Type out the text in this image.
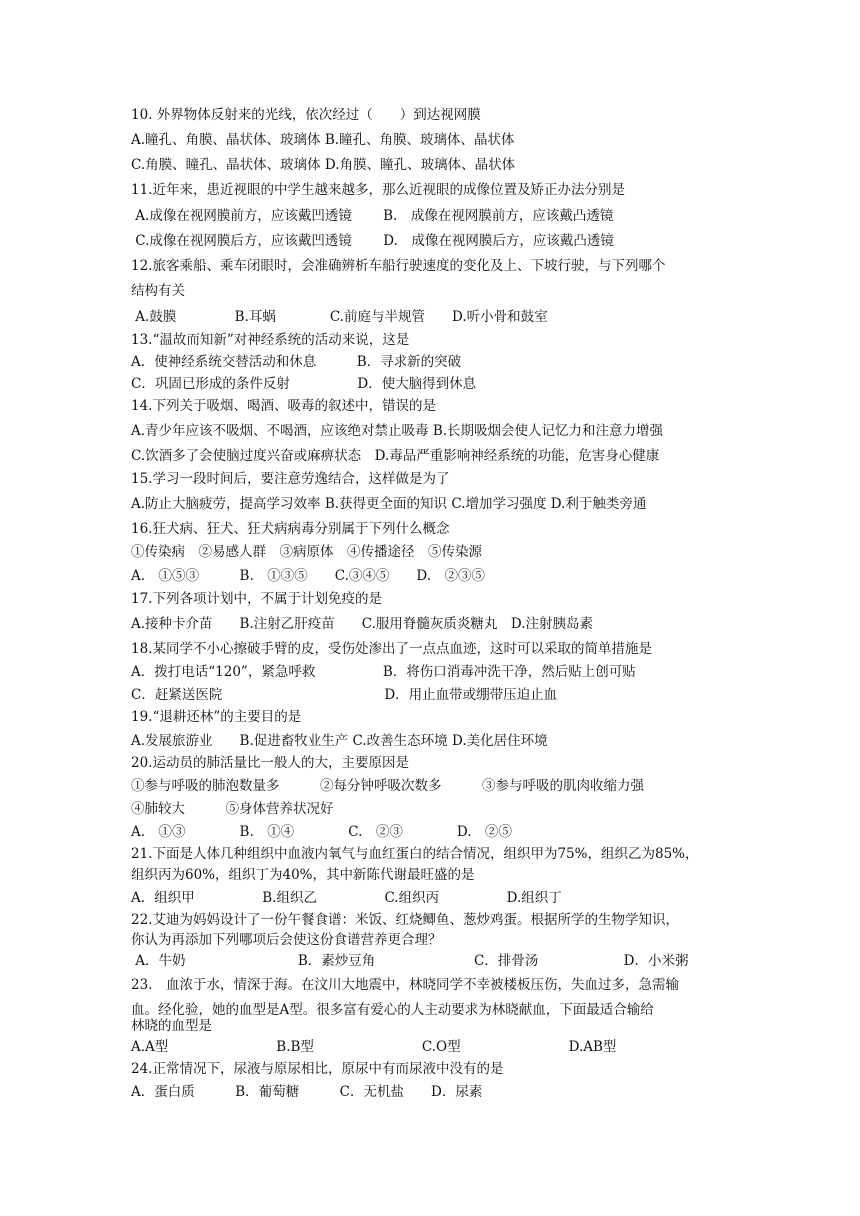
10. 外界物体反射来的光线，依次经过（　　）到达视网膜
A.瞳孔、角膜、晶状体、玻璃体 B.瞳孔、角膜、玻璃体、晶状体
C.角膜、瞳孔、晶状体、玻璃体 D.角膜、瞳孔、玻璃体、晶状体
11.近年来，患近视眼的中学生越来越多，那么近视眼的成像位置及矫正办法分别是
A.成像在视网膜前方，应该戴凹透镜　　 B.　成像在视网膜前方，应该戴凸透镜
C.成像在视网膜后方，应该戴凹透镜　　 D.　成像在视网膜后方，应该戴凸透镜
12.旅客乘船、乘车闭眼时，会准确辨析车船行驶速度的变化及上、下坡行驶，与下列哪个
结构有关
A.鼓膜　　　　 B.耳蜗　　　　C.前庭与半规管　　D.听小骨和鼓室
13.“温故而知新”对神经系统的活动来说，这是
A．使神经系统交替活动和休息　　　B．寻求新的突破
C．巩固已形成的条件反射　　　　　D．使大脑得到休息
14.下列关于吸烟、喝酒、吸毒的叙述中，错误的是
A.青少年应该不吸烟、不喝酒，应该绝对禁止吸毒 B.长期吸烟会使人记忆力和注意力增强
C.饮酒多了会使脑过度兴奋或麻痹状态　D.毒品严重影响神经系统的功能，危害身心健康
15.学习一段时间后，要注意劳逸结合，这样做是为了
A.防止大脑疲劳，提高学习效率 B.获得更全面的知识 C.增加学习强度 D.利于触类旁通
16.狂犬病、狂犬、狂犬病病毒分别属于下列什么概念
①传染病　②易感人群　③病原体　④传播途径　⑤传染源
A.　①⑤③　　　B.　①③⑤　　C.③④⑤　　D.　②③⑤
17.下列各项计划中，不属于计划免疫的是
A.接种卡介苗　　B.注射乙肝疫苗　　C.服用脊髓灰质炎糖丸　D.注射胰岛素
18.某同学不小心擦破手臂的皮，受伤处渗出了一点点血迹，这时可以采取的简单措施是
A．拨打电话“120”，紧急呼救　　　　　B．将伤口消毒冲洗干净，然后贴上创可贴
C．赶紧送医院　　　　　　　　　　　　D．用止血带或绷带压迫止血
19.“退耕还林”的主要目的是
A.发展旅游业　　B.促进畜牧业生产 C.改善生态环境 D.美化居住环境
20.运动员的肺活量比一般人的大，主要原因是
①参与呼吸的肺泡数量多　　　②每分钟呼吸次数多　　　③参与呼吸的肌肉收缩力强
④肺较大　　　⑤身体营养状况好
A.　①③　　　　B.　①④　　　　C.　②③　　　　D.　②⑤
21.下面是人体几种组织中血液内氧气与血红蛋白的结合情况，组织甲为75%，组织乙为85%，
组织丙为60%，组织丁为40%，其中新陈代谢最旺盛的是
A．组织甲　　　　　B.组织乙　　　　　C.组织丙　　　　　D.组织丁
22.艾迪为妈妈设计了一份午餐食谱：米饭、红烧鲫鱼、葱炒鸡蛋。根据所学的生物学知识，
你认为再添加下列哪项后会使这份食谱营养更合理？
A．牛奶　　　　　　　　 B．素炒豆角　　　　　　　 C．排骨汤　　　　　　 D．小米粥
23.　血浓于水，情深于海。在汶川大地震中，林晓同学不幸被楼板压伤，失血过多，急需输
血。经化验，她的血型是A型。很多富有爱心的人主动要求为林晓献血，下面最适合输给
林晓的血型是
A.A型　　　　　　　　B.B型　　　　　　　　C.O型　　　　　　　　D.AB型
24.正常情况下，尿液与原尿相比，原尿中有而尿液中没有的是
A．蛋白质　　　B．葡萄糖　　　C．无机盐　　D．尿素
